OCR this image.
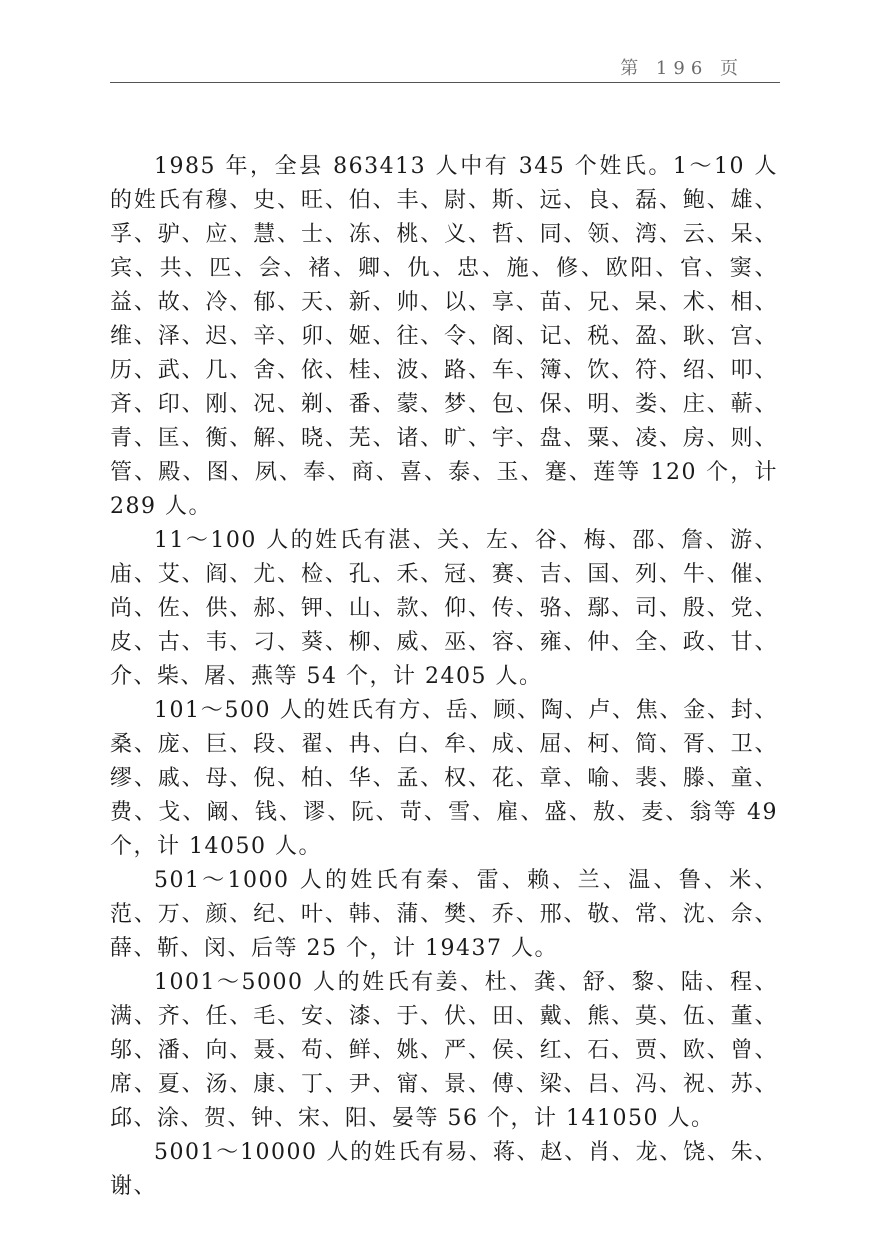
第 196 页

1985 年，全县 863413 人中有 345 个姓氏。1～10 人的姓氏有穆、史、旺、伯、丰、尉、斯、远、良、磊、鲍、雄、孚、驴、应、慧、士、冻、桃、义、哲、同、领、湾、云、呆、宾、共、匹、会、褚、卿、仇、忠、施、修、欧阳、官、窦、益、故、冷、郁、天、新、帅、以、享、苗、兄、杲、术、相、维、泽、迟、辛、卯、姬、往、令、阁、记、税、盈、耿、宫、历、武、几、舍、依、桂、波、路、车、簿、饮、符、绍、叩、斉、印、刚、况、剃、番、蒙、梦、包、保、明、娄、庄、蕲、青、匡、衡、解、晓、芜、诸、旷、宇、盘、粟、凌、房、则、管、殿、图、夙、奉、商、喜、泰、玉、蹇、莲等 120 个，计 289 人。

11～100 人的姓氏有湛、关、左、谷、梅、邵、詹、游、庙、艾、阎、尤、检、孔、禾、冠、赛、吉、国、列、牛、催、尚、佐、供、郝、钾、山、款、仰、传、骆、鄢、司、殷、党、皮、古、韦、刁、葵、柳、威、巫、容、雍、仲、全、政、甘、介、柴、屠、燕等 54 个，计 2405 人。

101～500 人的姓氏有方、岳、顾、陶、卢、焦、金、封、桑、庞、巨、段、翟、冉、白、牟、成、屈、柯、简、胥、卫、缪、戚、母、倪、柏、华、孟、权、花、章、喻、裴、滕、童、费、戈、阚、钱、谬、阮、苛、雪、雇、盛、敖、麦、翁等 49 个，计 14050 人。

501～1000 人的姓氏有秦、雷、赖、兰、温、鲁、米、范、万、颜、纪、叶、韩、蒲、樊、乔、邢、敬、常、沈、佘、薛、靳、闵、后等 25 个，计 19437 人。

1001～5000 人的姓氏有姜、杜、龚、舒、黎、陆、程、满、齐、任、毛、安、漆、于、伏、田、戴、熊、莫、伍、董、邬、潘、向、聂、苟、鲜、姚、严、侯、红、石、贾、欧、曾、席、夏、汤、康、丁、尹、甯、景、傅、梁、吕、冯、祝、苏、邱、涂、贺、钟、宋、阳、晏等 56 个，计 141050 人。

5001～10000 人的姓氏有易、蒋、赵、肖、龙、饶、朱、谢、
